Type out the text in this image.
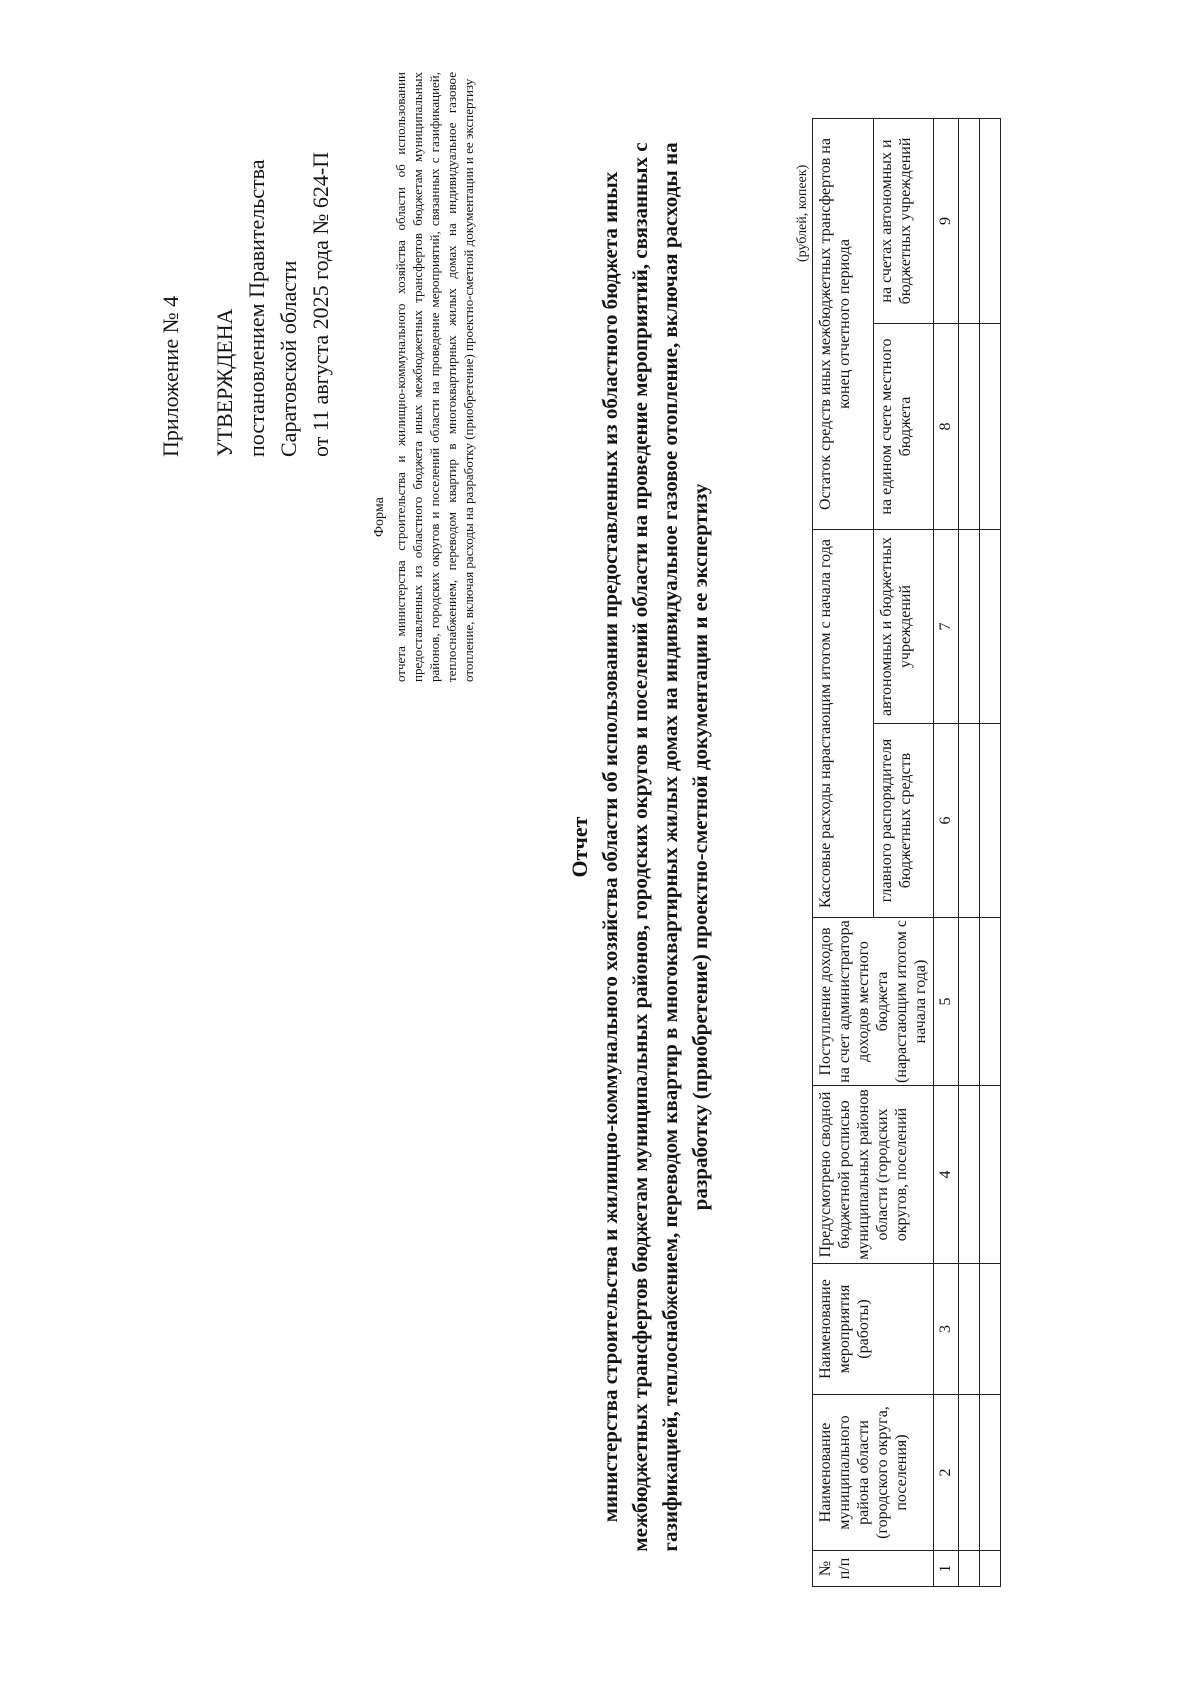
Приложение № 4 УТВЕРЖДЕНА постановлением Правительства Саратовской области от 11 августа 2025 года № 624-П
Форма отчета министерства строительства и жилищно-коммунального хозяйства области об использовании предоставленных из областного бюджета иных межбюджетных трансфертов бюджетам муниципальных районов, городских округов и поселений области на проведение мероприятий, связанных с газификацией, теплоснабжением, переводом квартир в многоквартирных жилых домах на индивидуальное газовое отопление, включая расходы на разработку (приобретение) проектно-сметной документации и ее экспертизу
Отчет министерства строительства и жилищно-коммунального хозяйства области об использовании предоставленных из областного бюджета иных межбюджетных трансфертов бюджетам муниципальных районов, городских округов и поселений области на проведение мероприятий, связанных с газификацией, теплоснабжением, переводом квартир в многоквартирных жилых домах на индивидуальное газовое отопление, включая расходы на разработку (приобретение) проектно-сметной документации и ее экспертизу
(рублей, копеек)
№ п/п	Наименование муниципального района области (городского округа, поселения)	Наименование мероприятия (работы)	Предусмотрено сводной бюджетной росписью муниципальных районов области (городских округов, поселений	Поступление доходов на счет администратора доходов местного бюджета (нарастающим итогом с начала года)	Кассовые расходы нарастающим итогом с начала года		Остаток средств иных межбюджетных трансфертов на конец отчетного периода	
					главного распорядителя бюджетных средств	автономных и бюджетных учреждений	на едином счете местного бюджета	на счетах автономных и бюджетных учреждений
1	2	3	4	5	6	7	8	9
